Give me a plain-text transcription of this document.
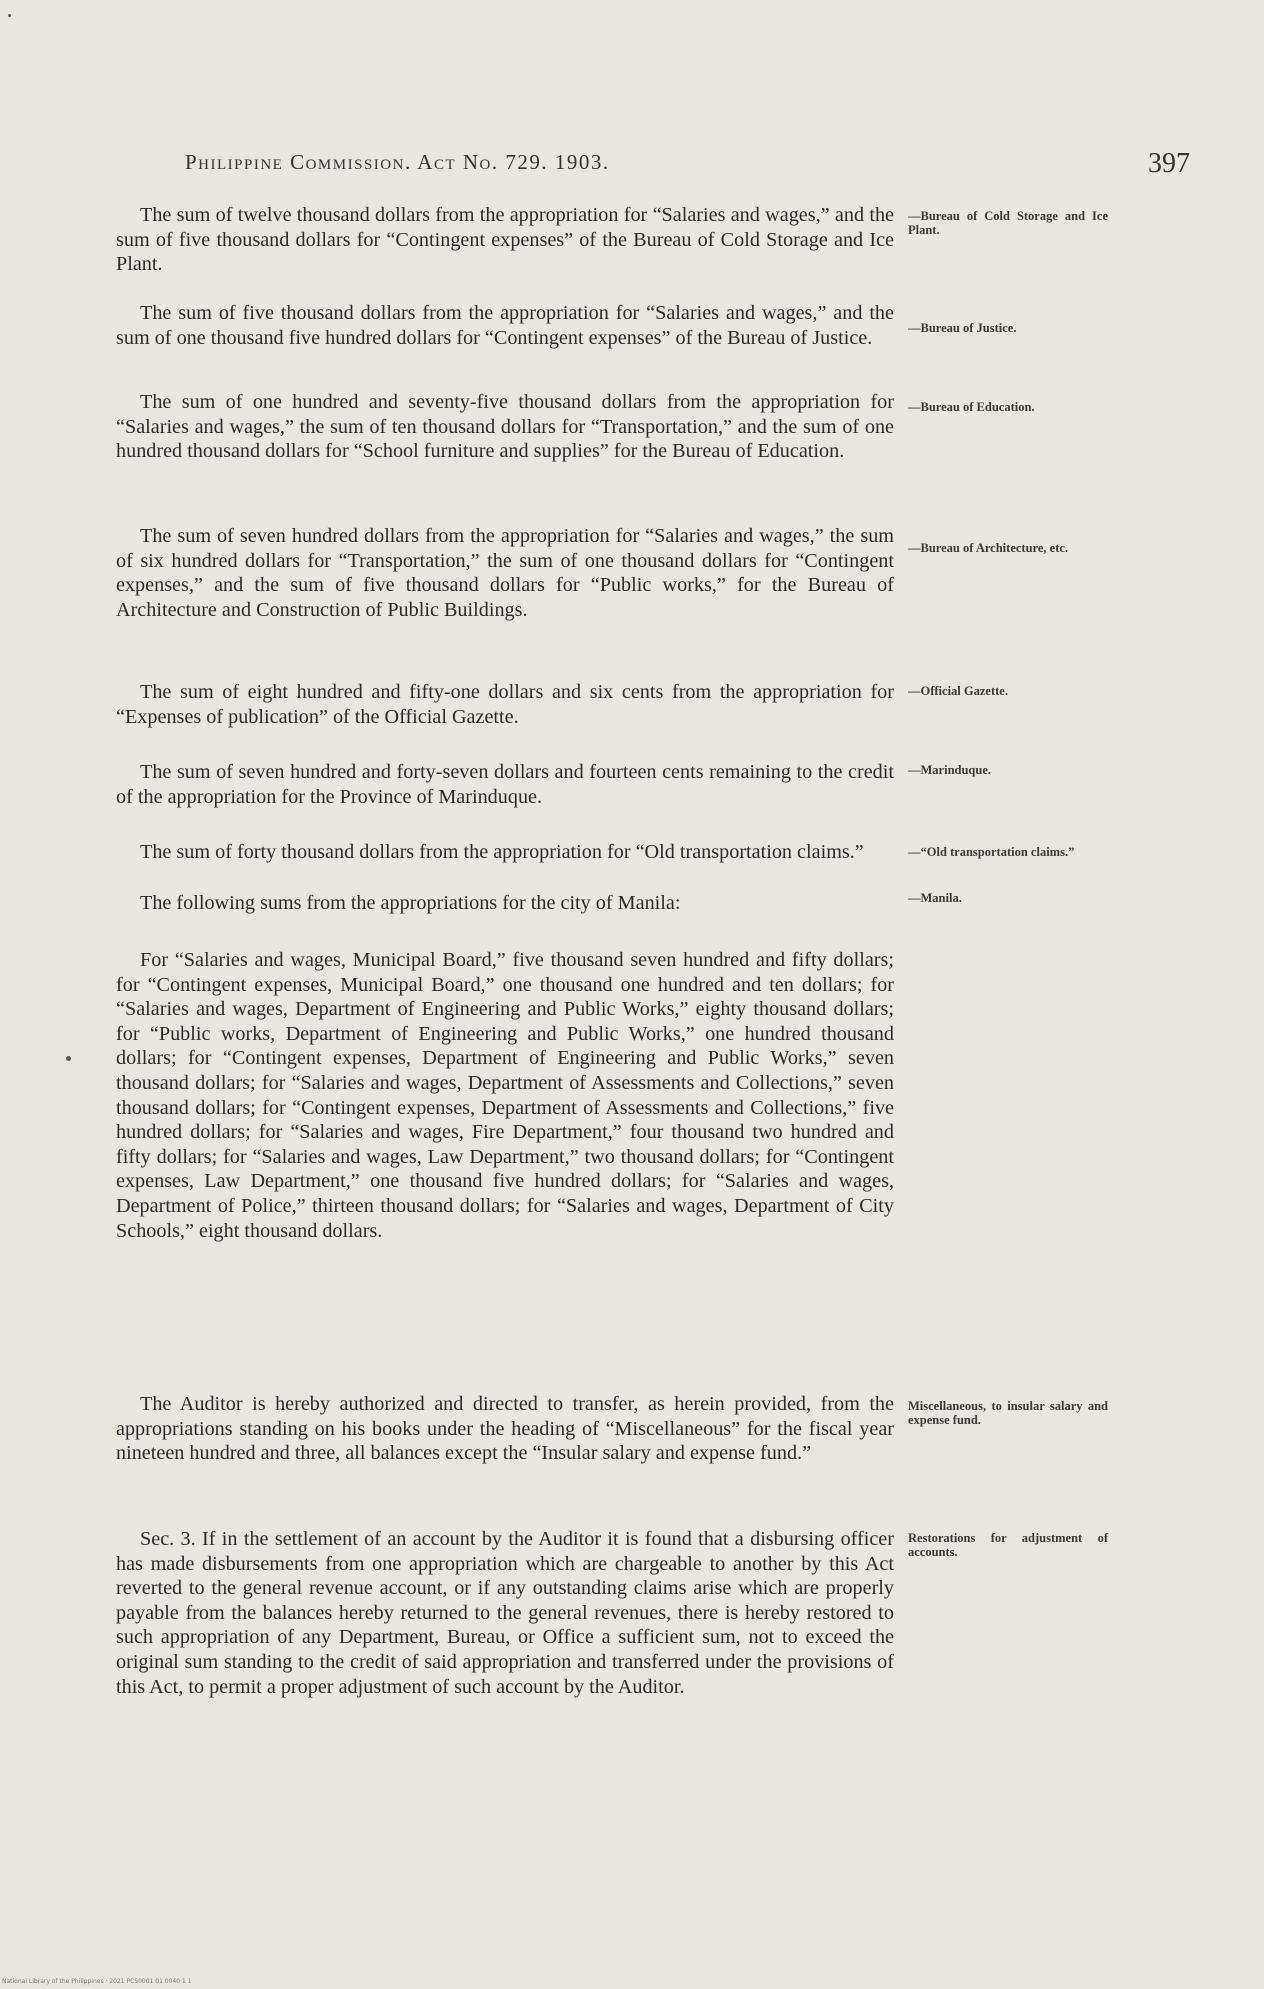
Philippine Commission. Act No. 729. 1903.	397
The sum of twelve thousand dollars from the appropriation for “Salaries and wages,” and the sum of five thousand dollars for “Contingent expenses” of the Bureau of Cold Storage and Ice Plant.
The sum of five thousand dollars from the appropriation for “Salaries and wages,” and the sum of one thousand five hundred dollars for “Contingent expenses” of the Bureau of Justice.
The sum of one hundred and seventy-five thousand dollars from the appropriation for “Salaries and wages,” the sum of ten thousand dollars for “Transportation,” and the sum of one hundred thousand dollars for “School furniture and supplies” for the Bureau of Education.
The sum of seven hundred dollars from the appropriation for “Salaries and wages,” the sum of six hundred dollars for “Transportation,” the sum of one thousand dollars for “Contingent expenses,” and the sum of five thousand dollars for “Public works,” for the Bureau of Architecture and Construction of Public Buildings.
The sum of eight hundred and fifty-one dollars and six cents from the appropriation for “Expenses of publication” of the Official Gazette.
The sum of seven hundred and forty-seven dollars and fourteen cents remaining to the credit of the appropriation for the Province of Marinduque.
The sum of forty thousand dollars from the appropriation for “Old transportation claims.”
The following sums from the appropriations for the city of Manila:
For “Salaries and wages, Municipal Board,” five thousand seven hundred and fifty dollars; for “Contingent expenses, Municipal Board,” one thousand one hundred and ten dollars; for “Salaries and wages, Department of Engineering and Public Works,” eighty thousand dollars; for “Public works, Department of Engineering and Public Works,” one hundred thousand dollars; for “Contingent expenses, Department of Engineering and Public Works,” seven thousand dollars; for “Salaries and wages, Department of Assessments and Collections,” seven thousand dollars; for “Contingent expenses, Department of Assessments and Collections,” five hundred dollars; for “Salaries and wages, Fire Department,” four thousand two hundred and fifty dollars; for “Salaries and wages, Law Department,” two thousand dollars; for “Contingent expenses, Law Department,” one thousand five hundred dollars; for “Salaries and wages, Department of Police,” thirteen thousand dollars; for “Salaries and wages, Department of City Schools,” eight thousand dollars.
The Auditor is hereby authorized and directed to transfer, as herein provided, from the appropriations standing on his books under the heading of “Miscellaneous” for the fiscal year nineteen hundred and three, all balances except the “Insular salary and expense fund.”
Sec. 3. If in the settlement of an account by the Auditor it is found that a disbursing officer has made disbursements from one appropriation which are chargeable to another by this Act reverted to the general revenue account, or if any outstanding claims arise which are properly payable from the balances hereby returned to the general revenues, there is hereby restored to such appropriation of any Department, Bureau, or Office a sufficient sum, not to exceed the original sum standing to the credit of said appropriation and transferred under the provisions of this Act, to permit a proper adjustment of such account by the Auditor.
—Bureau of Cold Storage and Ice Plant.
—Bureau of Justice.
—Bureau of Education.
—Bureau of Architecture, etc.
—Official Gazette.
—Marinduque.
—“Old transportation claims.”
—Manila.
Miscellaneous, to insular salary and expense fund.
Restorations for adjustment of accounts.
National Library of the Philippines · 2021 PCS0001 01 0040 1 1
